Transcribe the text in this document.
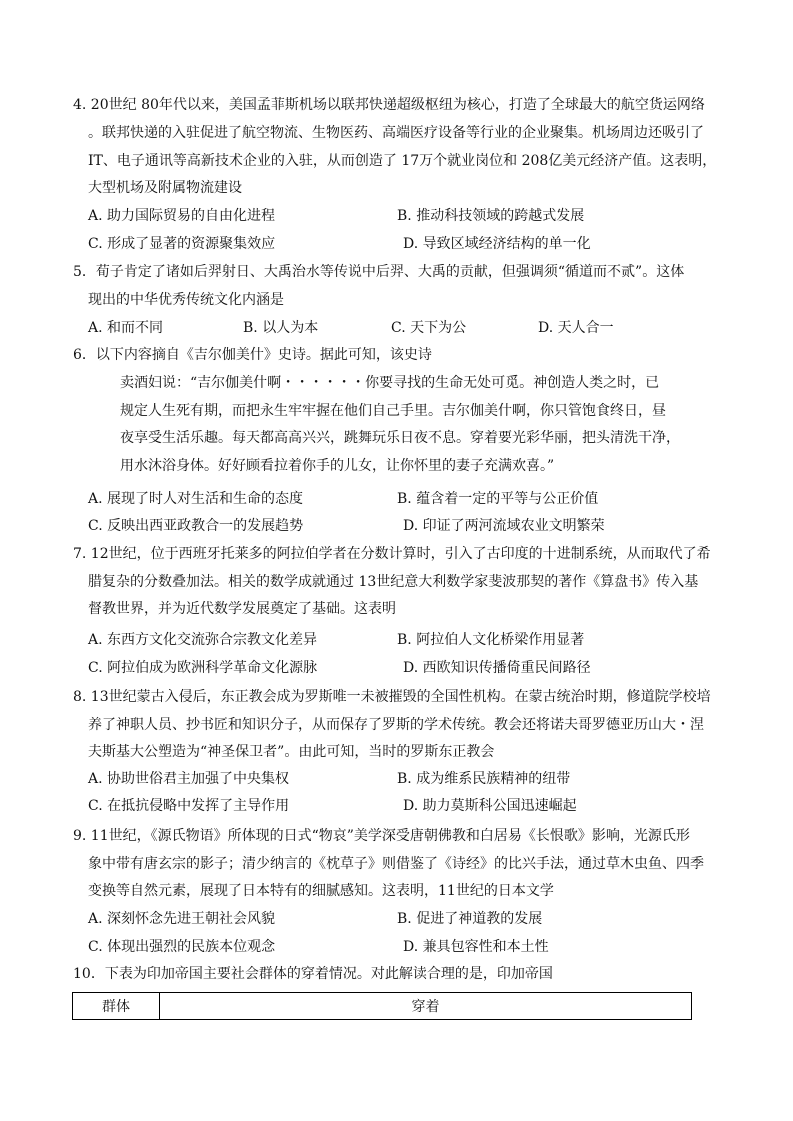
4. 20世纪 80年代以来，美国孟菲斯机场以联邦快递超级枢纽为核心，打造了全球最大的航空货运网络
。联邦快递的入驻促进了航空物流、生物医药、高端医疗设备等行业的企业聚集。机场周边还吸引了
IT、电子通讯等高新技术企业的入驻，从而创造了 17万个就业岗位和 208亿美元经济产值。这表明，
大型机场及附属物流建设
A. 助力国际贸易的自由化进程	B. 推动科技领域的跨越式发展
C. 形成了显著的资源聚集效应	D. 导致区域经济结构的单一化
5．荀子肯定了诸如后羿射日、大禹治水等传说中后羿、大禹的贡献，但强调须“循道而不贰”。这体
现出的中华优秀传统文化内涵是
A. 和而不同	B. 以人为本	C. 天下为公	D. 天人合一
6．以下内容摘自《吉尔伽美什》史诗。据此可知，该史诗
卖酒妇说：“吉尔伽美什啊・・・・・・你要寻找的生命无处可觅。神创造人类之时，已
规定人生死有期，而把永生牢牢握在他们自己手里。吉尔伽美什啊，你只管饱食终日，昼
夜享受生活乐趣。每天都高高兴兴，跳舞玩乐日夜不息。穿着要光彩华丽，把头清洗干净，
用水沐浴身体。好好顾看拉着你手的儿女，让你怀里的妻子充满欢喜。”
A. 展现了时人对生活和生命的态度	B. 蕴含着一定的平等与公正价值
C. 反映出西亚政教合一的发展趋势	D. 印证了两河流域农业文明繁荣
7. 12世纪，位于西班牙托莱多的阿拉伯学者在分数计算时，引入了古印度的十进制系统，从而取代了希
腊复杂的分数叠加法。相关的数学成就通过 13世纪意大利数学家斐波那契的著作《算盘书》传入基
督教世界，并为近代数学发展奠定了基础。这表明
A. 东西方文化交流弥合宗教文化差异	B. 阿拉伯人文化桥梁作用显著
C. 阿拉伯成为欧洲科学革命文化源脉	D. 西欧知识传播倚重民间路径
8. 13世纪蒙古入侵后，东正教会成为罗斯唯一未被摧毁的全国性机构。在蒙古统治时期，修道院学校培
养了神职人员、抄书匠和知识分子，从而保存了罗斯的学术传统。教会还将诺夫哥罗德亚历山大・涅
夫斯基大公塑造为“神圣保卫者”。由此可知，当时的罗斯东正教会
A. 协助世俗君主加强了中央集权	B. 成为维系民族精神的纽带
C. 在抵抗侵略中发挥了主导作用	D. 助力莫斯科公国迅速崛起
9. 11世纪，《源氏物语》所体现的日式“物哀”美学深受唐朝佛教和白居易《长恨歌》影响，光源氏形
象中带有唐玄宗的影子；清少纳言的《枕草子》则借鉴了《诗经》的比兴手法，通过草木虫鱼、四季
变换等自然元素，展现了日本特有的细腻感知。这表明，11世纪的日本文学
A. 深刻怀念先进王朝社会风貌	B. 促进了神道教的发展
C. 体现出强烈的民族本位观念	D. 兼具包容性和本土性
10．下表为印加帝国主要社会群体的穿着情况。对此解读合理的是，印加帝国
群体	穿着
